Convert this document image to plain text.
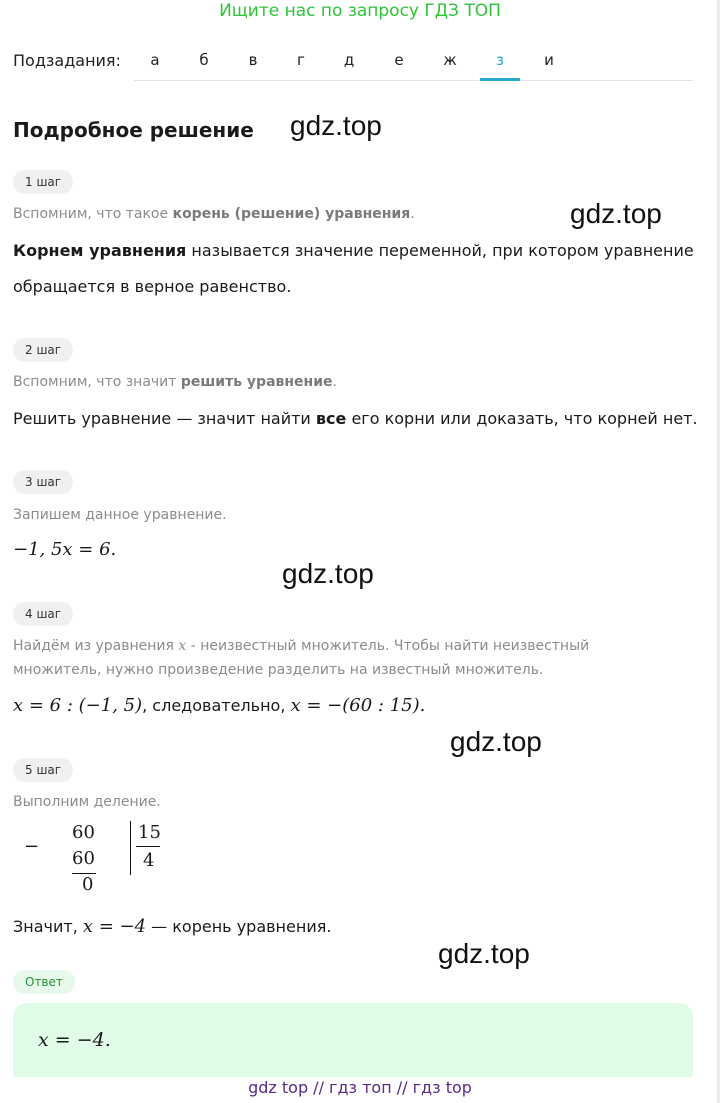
Ищите нас по запросу ГДЗ ТОП
Подзадания:	а	б	в	г	д	е	ж	з	и
Подробное решение gdz.top
gdz.top
gdz.top
gdz.top
gdz.top
1 шаг
Вспомним, что такое корень (решение) уравнения.
Корнем уравнения называется значение переменной, при котором уравнение
обращается в верное равенство.
2 шаг
Вспомним, что значит решить уравнение.
Решить уравнение — значит найти все его корни или доказать, что корней нет.
3 шаг
Запишем данное уравнение.
−1, 5x = 6.
4 шаг
Найдём из уравнения x - неизвестный множитель. Чтобы найти неизвестный
множитель, нужно произведение разделить на известный множитель.
x = 6 : (−1, 5), следовательно, x = −(60 : 15).
5 шаг
Выполним деление.
−
60 15
4
60
0
Значит, x = −4 — корень уравнения.
Ответ
x = −4.
gdz top // гдз топ // гдз top
